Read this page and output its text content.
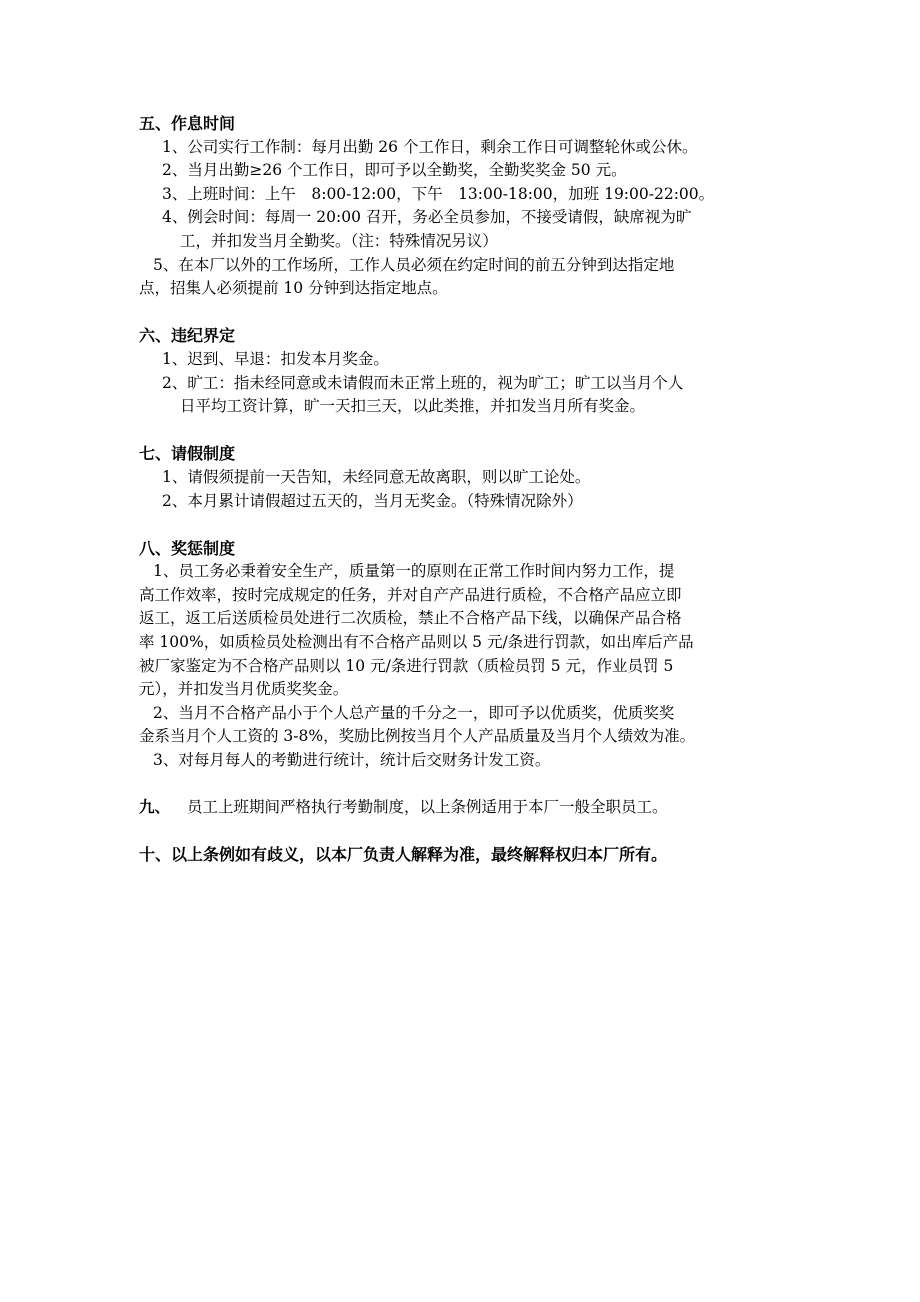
五、作息时间

1、公司实行工作制：每月出勤 26 个工作日，剩余工作日可调整轮休或公休。

2、当月出勤≥26 个工作日，即可予以全勤奖，全勤奖奖金 50 元。

3、上班时间：上午　8:00-12:00，下午　13:00-18:00，加班 19:00-22:00。

4、例会时间：每周一 20:00 召开，务必全员参加，不接受请假，缺席视为旷

工，并扣发当月全勤奖。（注：特殊情况另议）

5、在本厂以外的工作场所，工作人员必须在约定时间的前五分钟到达指定地

点，招集人必须提前 10 分钟到达指定地点。

六、违纪界定

1、迟到、早退：扣发本月奖金。

2、旷工：指未经同意或未请假而未正常上班的，视为旷工；旷工以当月个人

日平均工资计算，旷一天扣三天，以此类推，并扣发当月所有奖金。

七、请假制度

1、请假须提前一天告知，未经同意无故离职，则以旷工论处。

2、本月累计请假超过五天的，当月无奖金。（特殊情况除外）

八、奖惩制度

1、员工务必秉着安全生产，质量第一的原则在正常工作时间内努力工作，提

高工作效率，按时完成规定的任务，并对自产产品进行质检，不合格产品应立即

返工，返工后送质检员处进行二次质检，禁止不合格产品下线，以确保产品合格

率 100%，如质检员处检测出有不合格产品则以 5 元/条进行罚款，如出库后产品

被厂家鉴定为不合格产品则以 10 元/条进行罚款（质检员罚 5 元，作业员罚 5

元），并扣发当月优质奖奖金。

2、当月不合格产品小于个人总产量的千分之一，即可予以优质奖，优质奖奖

金系当月个人工资的 3-8%，奖励比例按当月个人产品质量及当月个人绩效为准。

3、对每月每人的考勤进行统计，统计后交财务计发工资。

九、 员工上班期间严格执行考勤制度，以上条例适用于本厂一般全职员工。

十、以上条例如有歧义，以本厂负责人解释为准，最终解释权归本厂所有。
